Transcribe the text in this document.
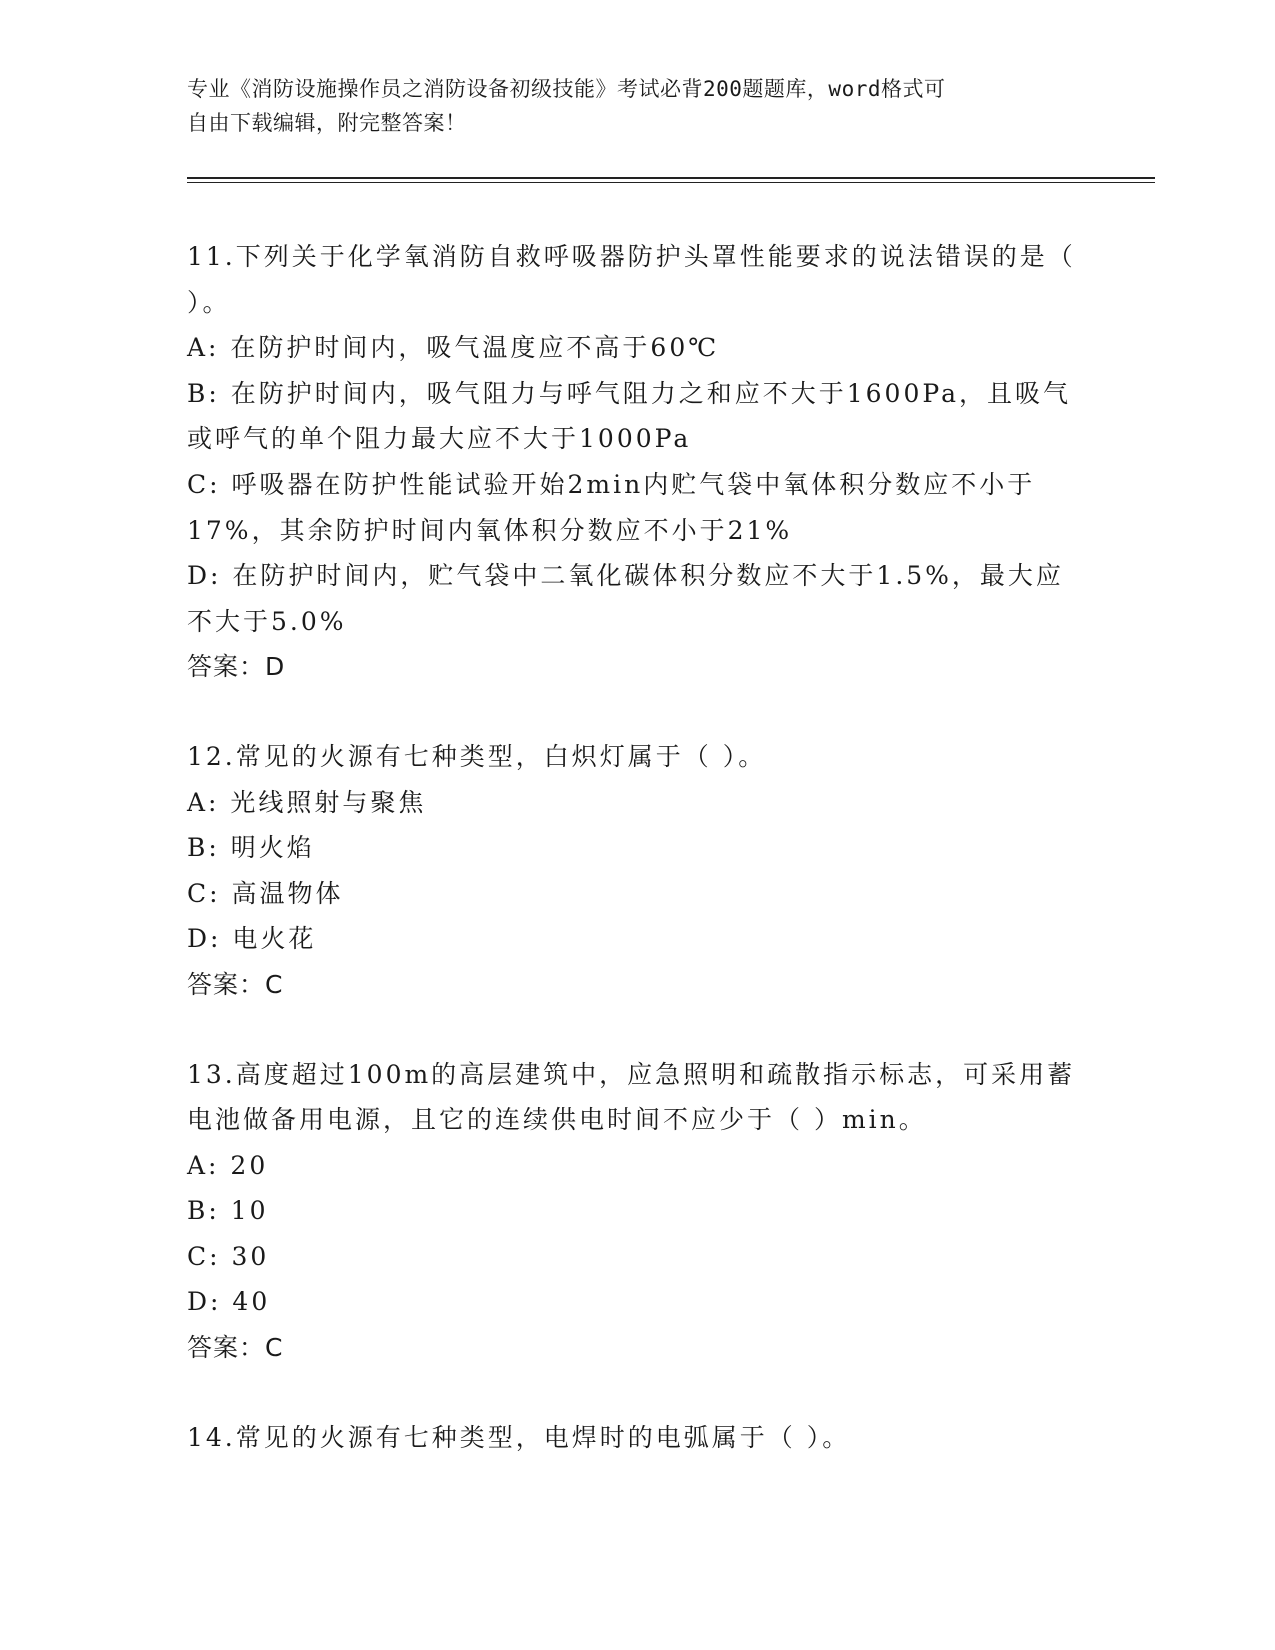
专业《消防设施操作员之消防设备初级技能》考试必背200题题库，word格式可
自由下载编辑，附完整答案！
11.下列关于化学氧消防自救呼吸器防护头罩性能要求的说法错误的是（ ）。
A: 在防护时间内，吸气温度应不高于60℃
B: 在防护时间内，吸气阻力与呼气阻力之和应不大于1600Pa，且吸气或呼气的单个阻力最大应不大于1000Pa
C: 呼吸器在防护性能试验开始2min内贮气袋中氧体积分数应不小于17%，其余防护时间内氧体积分数应不小于21%
D: 在防护时间内，贮气袋中二氧化碳体积分数应不大于1.5%，最大应不大于5.0%
答案：D
12.常见的火源有七种类型，白炽灯属于（ ）。
A: 光线照射与聚焦
B: 明火焰
C: 高温物体
D: 电火花
答案：C
13.高度超过100m的高层建筑中，应急照明和疏散指示标志，可采用蓄电池做备用电源，且它的连续供电时间不应少于（ ）min。
A: 20
B: 10
C: 30
D: 40
答案：C
14.常见的火源有七种类型，电焊时的电弧属于（ ）。
